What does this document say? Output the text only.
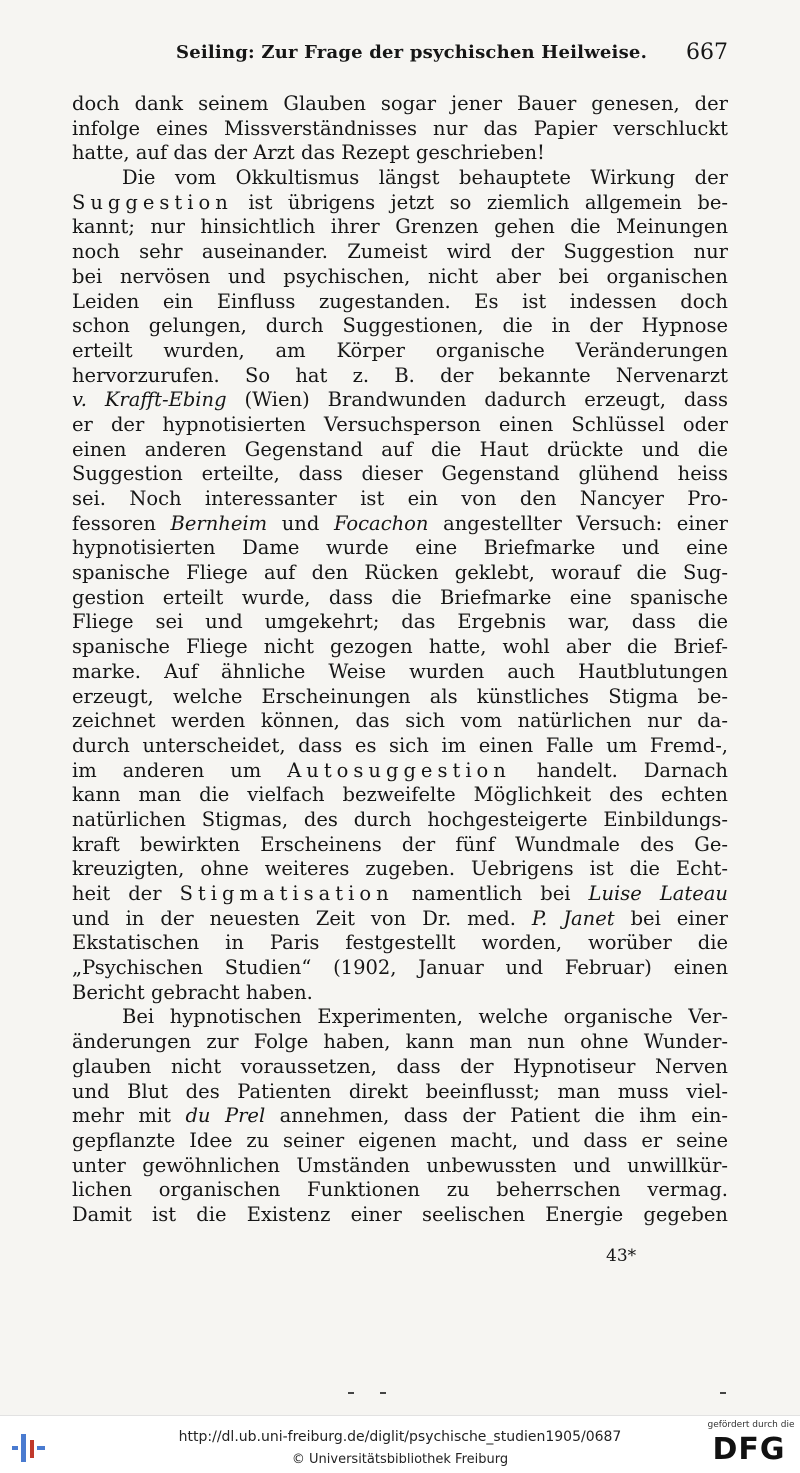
Seiling: Zur Frage der psychischen Heilweise. 667
doch dank seinem Glauben sogar jener Bauer genesen, der
infolge eines Missverständnisses nur das Papier verschluckt
hatte, auf das der Arzt das Rezept geschrieben!
Die vom Okkultismus längst behauptete Wirkung der
Suggestion ist übrigens jetzt so ziemlich allgemein be-
kannt; nur hinsichtlich ihrer Grenzen gehen die Meinungen
noch sehr auseinander. Zumeist wird der Suggestion nur
bei nervösen und psychischen, nicht aber bei organischen
Leiden ein Einfluss zugestanden. Es ist indessen doch
schon gelungen, durch Suggestionen, die in der Hypnose
erteilt wurden, am Körper organische Veränderungen
hervorzurufen. So hat z. B. der bekannte Nervenarzt
v. Krafft-Ebing (Wien) Brandwunden dadurch erzeugt, dass
er der hypnotisierten Versuchsperson einen Schlüssel oder
einen anderen Gegenstand auf die Haut drückte und die
Suggestion erteilte, dass dieser Gegenstand glühend heiss
sei. Noch interessanter ist ein von den Nancyer Pro-
fessoren Bernheim und Focachon angestellter Versuch: einer
hypnotisierten Dame wurde eine Briefmarke und eine
spanische Fliege auf den Rücken geklebt, worauf die Sug-
gestion erteilt wurde, dass die Briefmarke eine spanische
Fliege sei und umgekehrt; das Ergebnis war, dass die
spanische Fliege nicht gezogen hatte, wohl aber die Brief-
marke. Auf ähnliche Weise wurden auch Hautblutungen
erzeugt, welche Erscheinungen als künstliches Stigma be-
zeichnet werden können, das sich vom natürlichen nur da-
durch unterscheidet, dass es sich im einen Falle um Fremd-,
im anderen um Autosuggestion handelt. Darnach
kann man die vielfach bezweifelte Möglichkeit des echten
natürlichen Stigmas, des durch hochgesteigerte Einbildungs-
kraft bewirkten Erscheinens der fünf Wundmale des Ge-
kreuzigten, ohne weiteres zugeben. Uebrigens ist die Echt-
heit der Stigmatisation namentlich bei Luise Lateau
und in der neuesten Zeit von Dr. med. P. Janet bei einer
Ekstatischen in Paris festgestellt worden, worüber die
„Psychischen Studien“ (1902, Januar und Februar) einen
Bericht gebracht haben.
Bei hypnotischen Experimenten, welche organische Ver-
änderungen zur Folge haben, kann man nun ohne Wunder-
glauben nicht voraussetzen, dass der Hypnotiseur Nerven
und Blut des Patienten direkt beeinflusst; man muss viel-
mehr mit du Prel annehmen, dass der Patient die ihm ein-
gepflanzte Idee zu seiner eigenen macht, und dass er seine
unter gewöhnlichen Umständen unbewussten und unwillkür-
lichen organischen Funktionen zu beherrschen vermag.
Damit ist die Existenz einer seelischen Energie gegeben
43*
http://dl.ub.uni-freiburg.de/diglit/psychische_studien1905/0687
© Universitätsbibliothek Freiburg
gefördert durch die
DFG
